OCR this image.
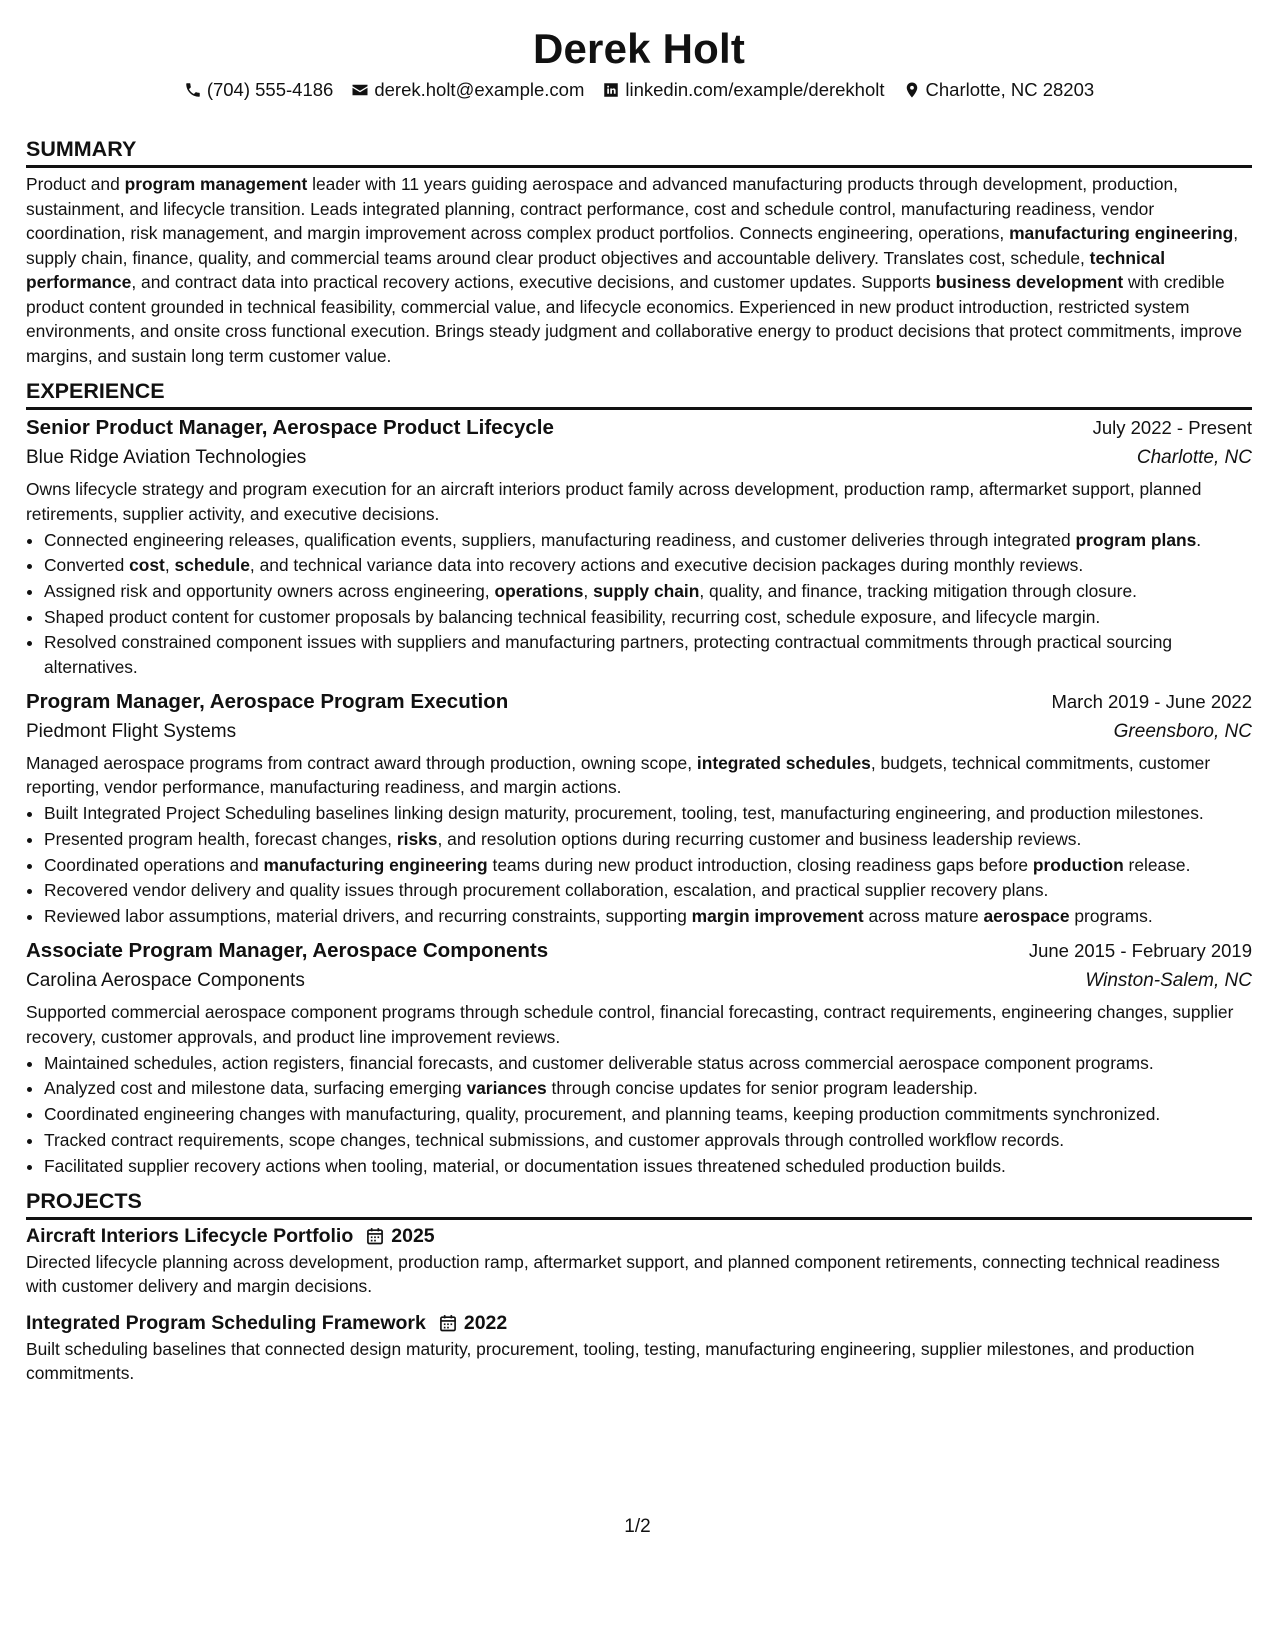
Derek Holt
(704) 555-4186 derek.holt@example.com linkedin.com/example/derekholt Charlotte, NC 28203
SUMMARY

Product and program management leader with 11 years guiding aerospace and advanced manufacturing products through development, production, sustainment, and lifecycle transition. Leads integrated planning, contract performance, cost and schedule control, manufacturing readiness, vendor coordination, risk management, and margin improvement across complex product portfolios. Connects engineering, operations, manufacturing engineering, supply chain, finance, quality, and commercial teams around clear product objectives and accountable delivery. Translates cost, schedule, technical performance, and contract data into practical recovery actions, executive decisions, and customer updates. Supports business development with credible product content grounded in technical feasibility, commercial value, and lifecycle economics. Experienced in new product introduction, restricted system environments, and onsite cross functional execution. Brings steady judgment and collaborative energy to product decisions that protect commitments, improve margins, and sustain long term customer value.

EXPERIENCE
Senior Product Manager, Aerospace Product Lifecycle	July 2022 - Present
Blue Ridge Aviation Technologies	Charlotte, NC

Owns lifecycle strategy and program execution for an aircraft interiors product family across development, production ramp, aftermarket support, planned retirements, supplier activity, and executive decisions.

• Connected engineering releases, qualification events, suppliers, manufacturing readiness, and customer deliveries through integrated program plans.
• Converted cost, schedule, and technical variance data into recovery actions and executive decision packages during monthly reviews.
• Assigned risk and opportunity owners across engineering, operations, supply chain, quality, and finance, tracking mitigation through closure.
• Shaped product content for customer proposals by balancing technical feasibility, recurring cost, schedule exposure, and lifecycle margin.
• Resolved constrained component issues with suppliers and manufacturing partners, protecting contractual commitments through practical sourcing alternatives.
Program Manager, Aerospace Program Execution	March 2019 - June 2022
Piedmont Flight Systems	Greensboro, NC

Managed aerospace programs from contract award through production, owning scope, integrated schedules, budgets, technical commitments, customer reporting, vendor performance, manufacturing readiness, and margin actions.

• Built Integrated Project Scheduling baselines linking design maturity, procurement, tooling, test, manufacturing engineering, and production milestones.
• Presented program health, forecast changes, risks, and resolution options during recurring customer and business leadership reviews.
• Coordinated operations and manufacturing engineering teams during new product introduction, closing readiness gaps before production release.
• Recovered vendor delivery and quality issues through procurement collaboration, escalation, and practical supplier recovery plans.
• Reviewed labor assumptions, material drivers, and recurring constraints, supporting margin improvement across mature aerospace programs.
Associate Program Manager, Aerospace Components	June 2015 - February 2019
Carolina Aerospace Components	Winston-Salem, NC

Supported commercial aerospace component programs through schedule control, financial forecasting, contract requirements, engineering changes, supplier recovery, customer approvals, and product line improvement reviews.

• Maintained schedules, action registers, financial forecasts, and customer deliverable status across commercial aerospace component programs.
• Analyzed cost and milestone data, surfacing emerging variances through concise updates for senior program leadership.
• Coordinated engineering changes with manufacturing, quality, procurement, and planning teams, keeping production commitments synchronized.
• Tracked contract requirements, scope changes, technical submissions, and customer approvals through controlled workflow records.
• Facilitated supplier recovery actions when tooling, material, or documentation issues threatened scheduled production builds.
PROJECTS
Aircraft Interiors Lifecycle Portfolio 2025

Directed lifecycle planning across development, production ramp, aftermarket support, and planned component retirements, connecting technical readiness with customer delivery and margin decisions.

Integrated Program Scheduling Framework 2022

Built scheduling baselines that connected design maturity, procurement, tooling, testing, manufacturing engineering, supplier milestones, and production commitments.

1/2
